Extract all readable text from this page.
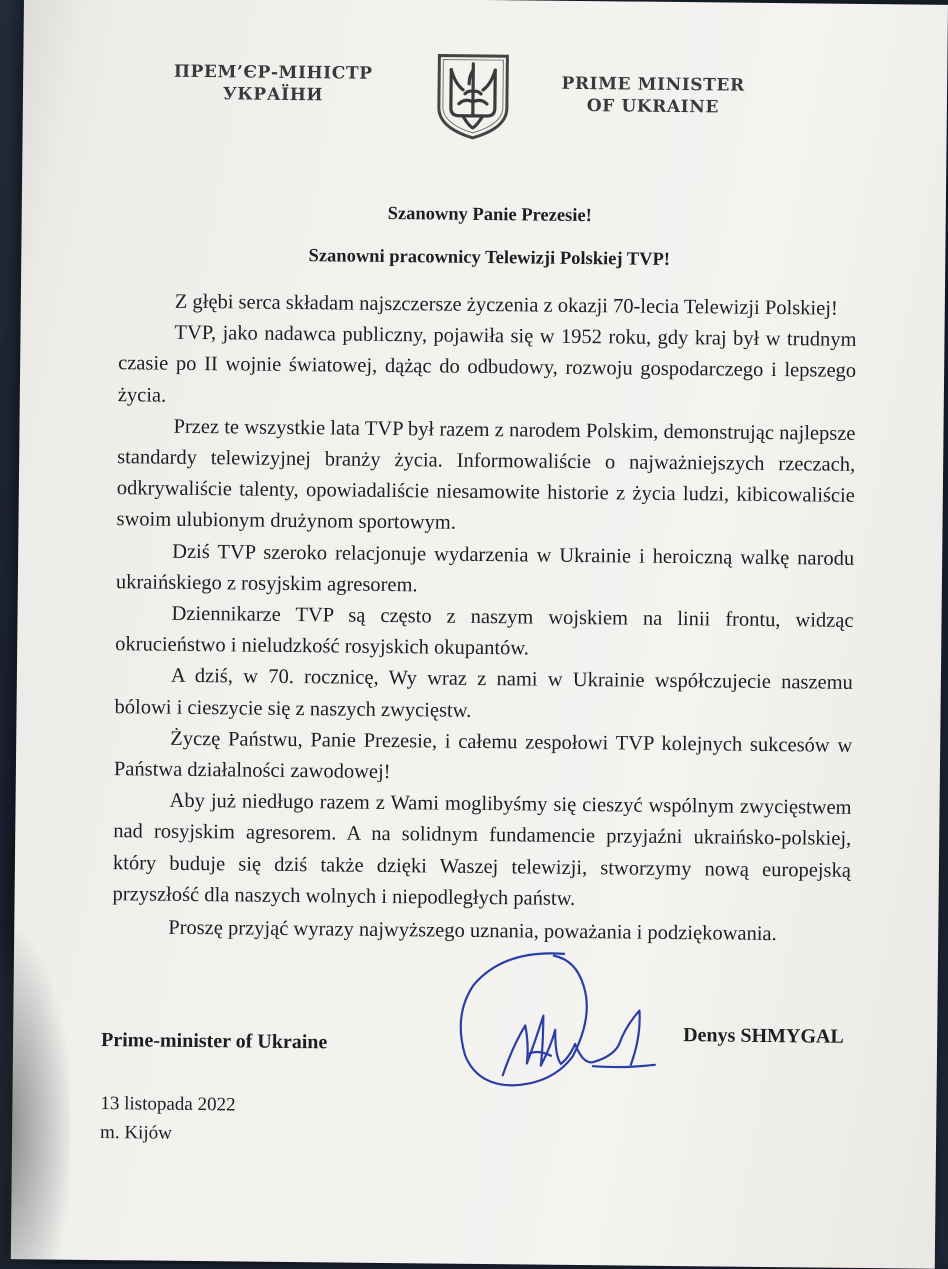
ПРЕМ’ЄР-МІНІСТР
УКРАЇНИ	PRIME MINISTER
OF UKRAINE
Szanowny Panie Prezesie!
Szanowni pracownicy Telewizji Polskiej TVP!

Z głębi serca składam najszczersze życzenia z okazji 70-lecia Telewizji Polskiej!

TVP, jako nadawca publiczny, pojawiła się w 1952 roku, gdy kraj był w trudnym czasie po II wojnie światowej, dążąc do odbudowy, rozwoju gospodarczego i lepszego życia.

Przez te wszystkie lata TVP był razem z narodem Polskim, demonstrując najlepsze standardy telewizyjnej branży życia. Informowaliście o najważniejszych rzeczach, odkrywaliście talenty, opowiadaliście niesamowite historie z życia ludzi, kibicowaliście swoim ulubionym drużynom sportowym.

Dziś TVP szeroko relacjonuje wydarzenia w Ukrainie i heroiczną walkę narodu ukraińskiego z rosyjskim agresorem.

Dziennikarze TVP są często z naszym wojskiem na linii frontu, widząc okrucieństwo i nieludzkość rosyjskich okupantów.

A dziś, w 70. rocznicę, Wy wraz z nami w Ukrainie współczujecie naszemu bólowi i cieszycie się z naszych zwycięstw.

Życzę Państwu, Panie Prezesie, i całemu zespołowi TVP kolejnych sukcesów w Państwa działalności zawodowej!

Aby już niedługo razem z Wami moglibyśmy się cieszyć wspólnym zwycięstwem nad rosyjskim agresorem. A na solidnym fundamencie przyjaźni ukraińsko-polskiej, który buduje się dziś także dzięki Waszej telewizji, stworzymy nową europejską przyszłość dla naszych wolnych i niepodległych państw.

Proszę przyjąć wyrazy najwyższego uznania, poważania i podziękowania.

Prime-minister of Ukraine	Denys SHMYGAL
13 listopada 2022
m. Kijów
